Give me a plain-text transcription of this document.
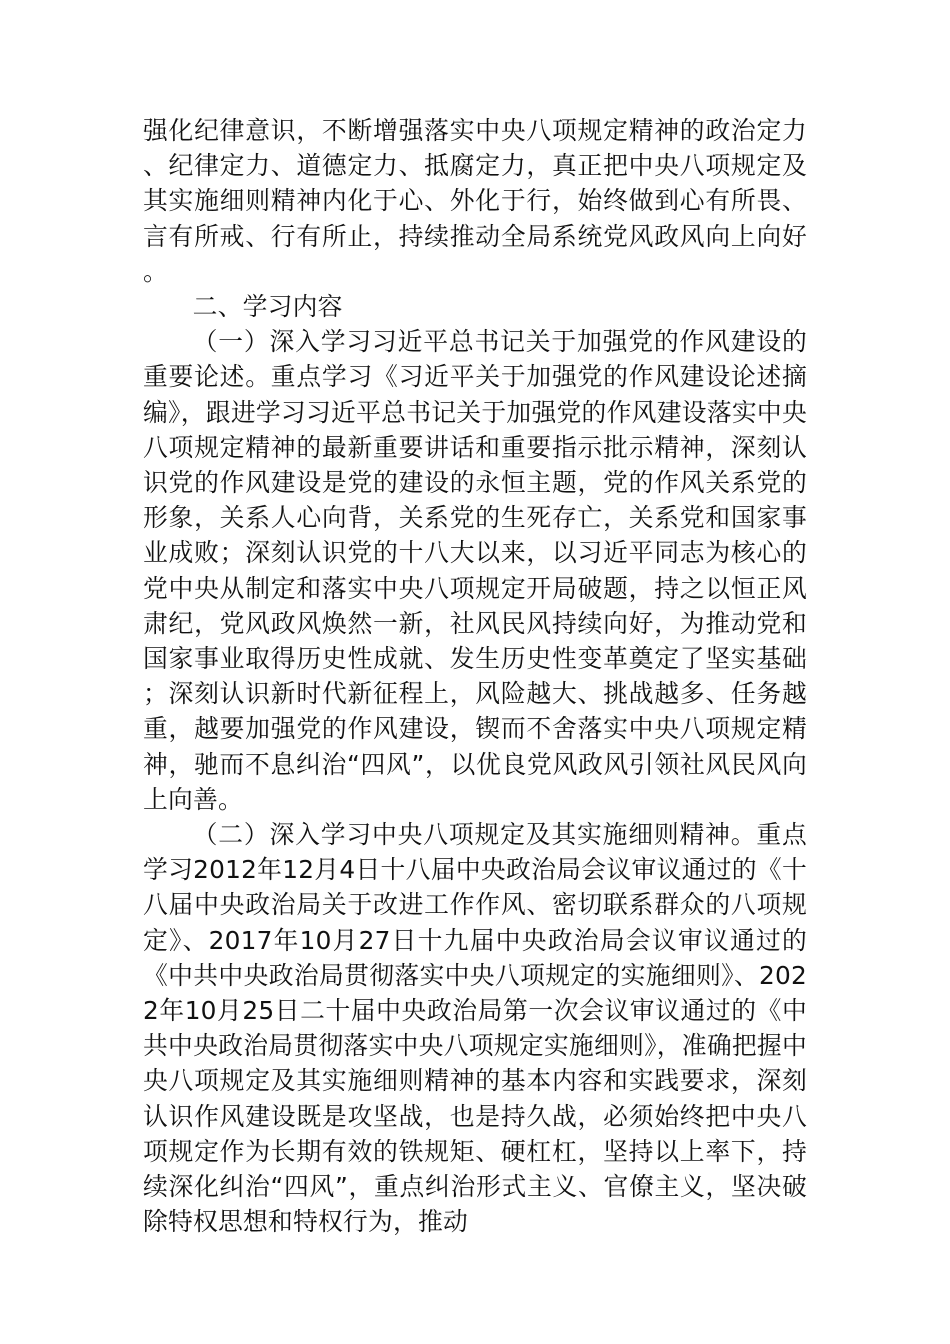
强化纪律意识，不断增强落实中央八项规定精神的政治定力、纪律定力、道德定力、抵腐定力，真正把中央八项规定及其实施细则精神内化于心、外化于行，始终做到心有所畏、言有所戒、行有所止，持续推动全局系统党风政风向上向好。

二、学习内容

（一）深入学习习近平总书记关于加强党的作风建设的重要论述。重点学习《习近平关于加强党的作风建设论述摘编》，跟进学习习近平总书记关于加强党的作风建设落实中央八项规定精神的最新重要讲话和重要指示批示精神，深刻认识党的作风建设是党的建设的永恒主题，党的作风关系党的形象，关系人心向背，关系党的生死存亡，关系党和国家事业成败；深刻认识党的十八大以来，以习近平同志为核心的党中央从制定和落实中央八项规定开局破题，持之以恒正风肃纪，党风政风焕然一新，社风民风持续向好，为推动党和国家事业取得历史性成就、发生历史性变革奠定了坚实基础；深刻认识新时代新征程上，风险越大、挑战越多、任务越重，越要加强党的作风建设，锲而不舍落实中央八项规定精神，驰而不息纠治“四风”，以优良党风政风引领社风民风向上向善。

（二）深入学习中央八项规定及其实施细则精神。重点学习2012年12月4日十八届中央政治局会议审议通过的《十八届中央政治局关于改进工作作风、密切联系群众的八项规定》、2017年10月27日十九届中央政治局会议审议通过的《中共中央政治局贯彻落实中央八项规定的实施细则》、2022年10月25日二十届中央政治局第一次会议审议通过的《中共中央政治局贯彻落实中央八项规定实施细则》，准确把握中央八项规定及其实施细则精神的基本内容和实践要求，深刻认识作风建设既是攻坚战，也是持久战，必须始终把中央八项规定作为长期有效的铁规矩、硬杠杠，坚持以上率下，持续深化纠治“四风”，重点纠治形式主义、官僚主义，坚决破除特权思想和特权行为，推动
